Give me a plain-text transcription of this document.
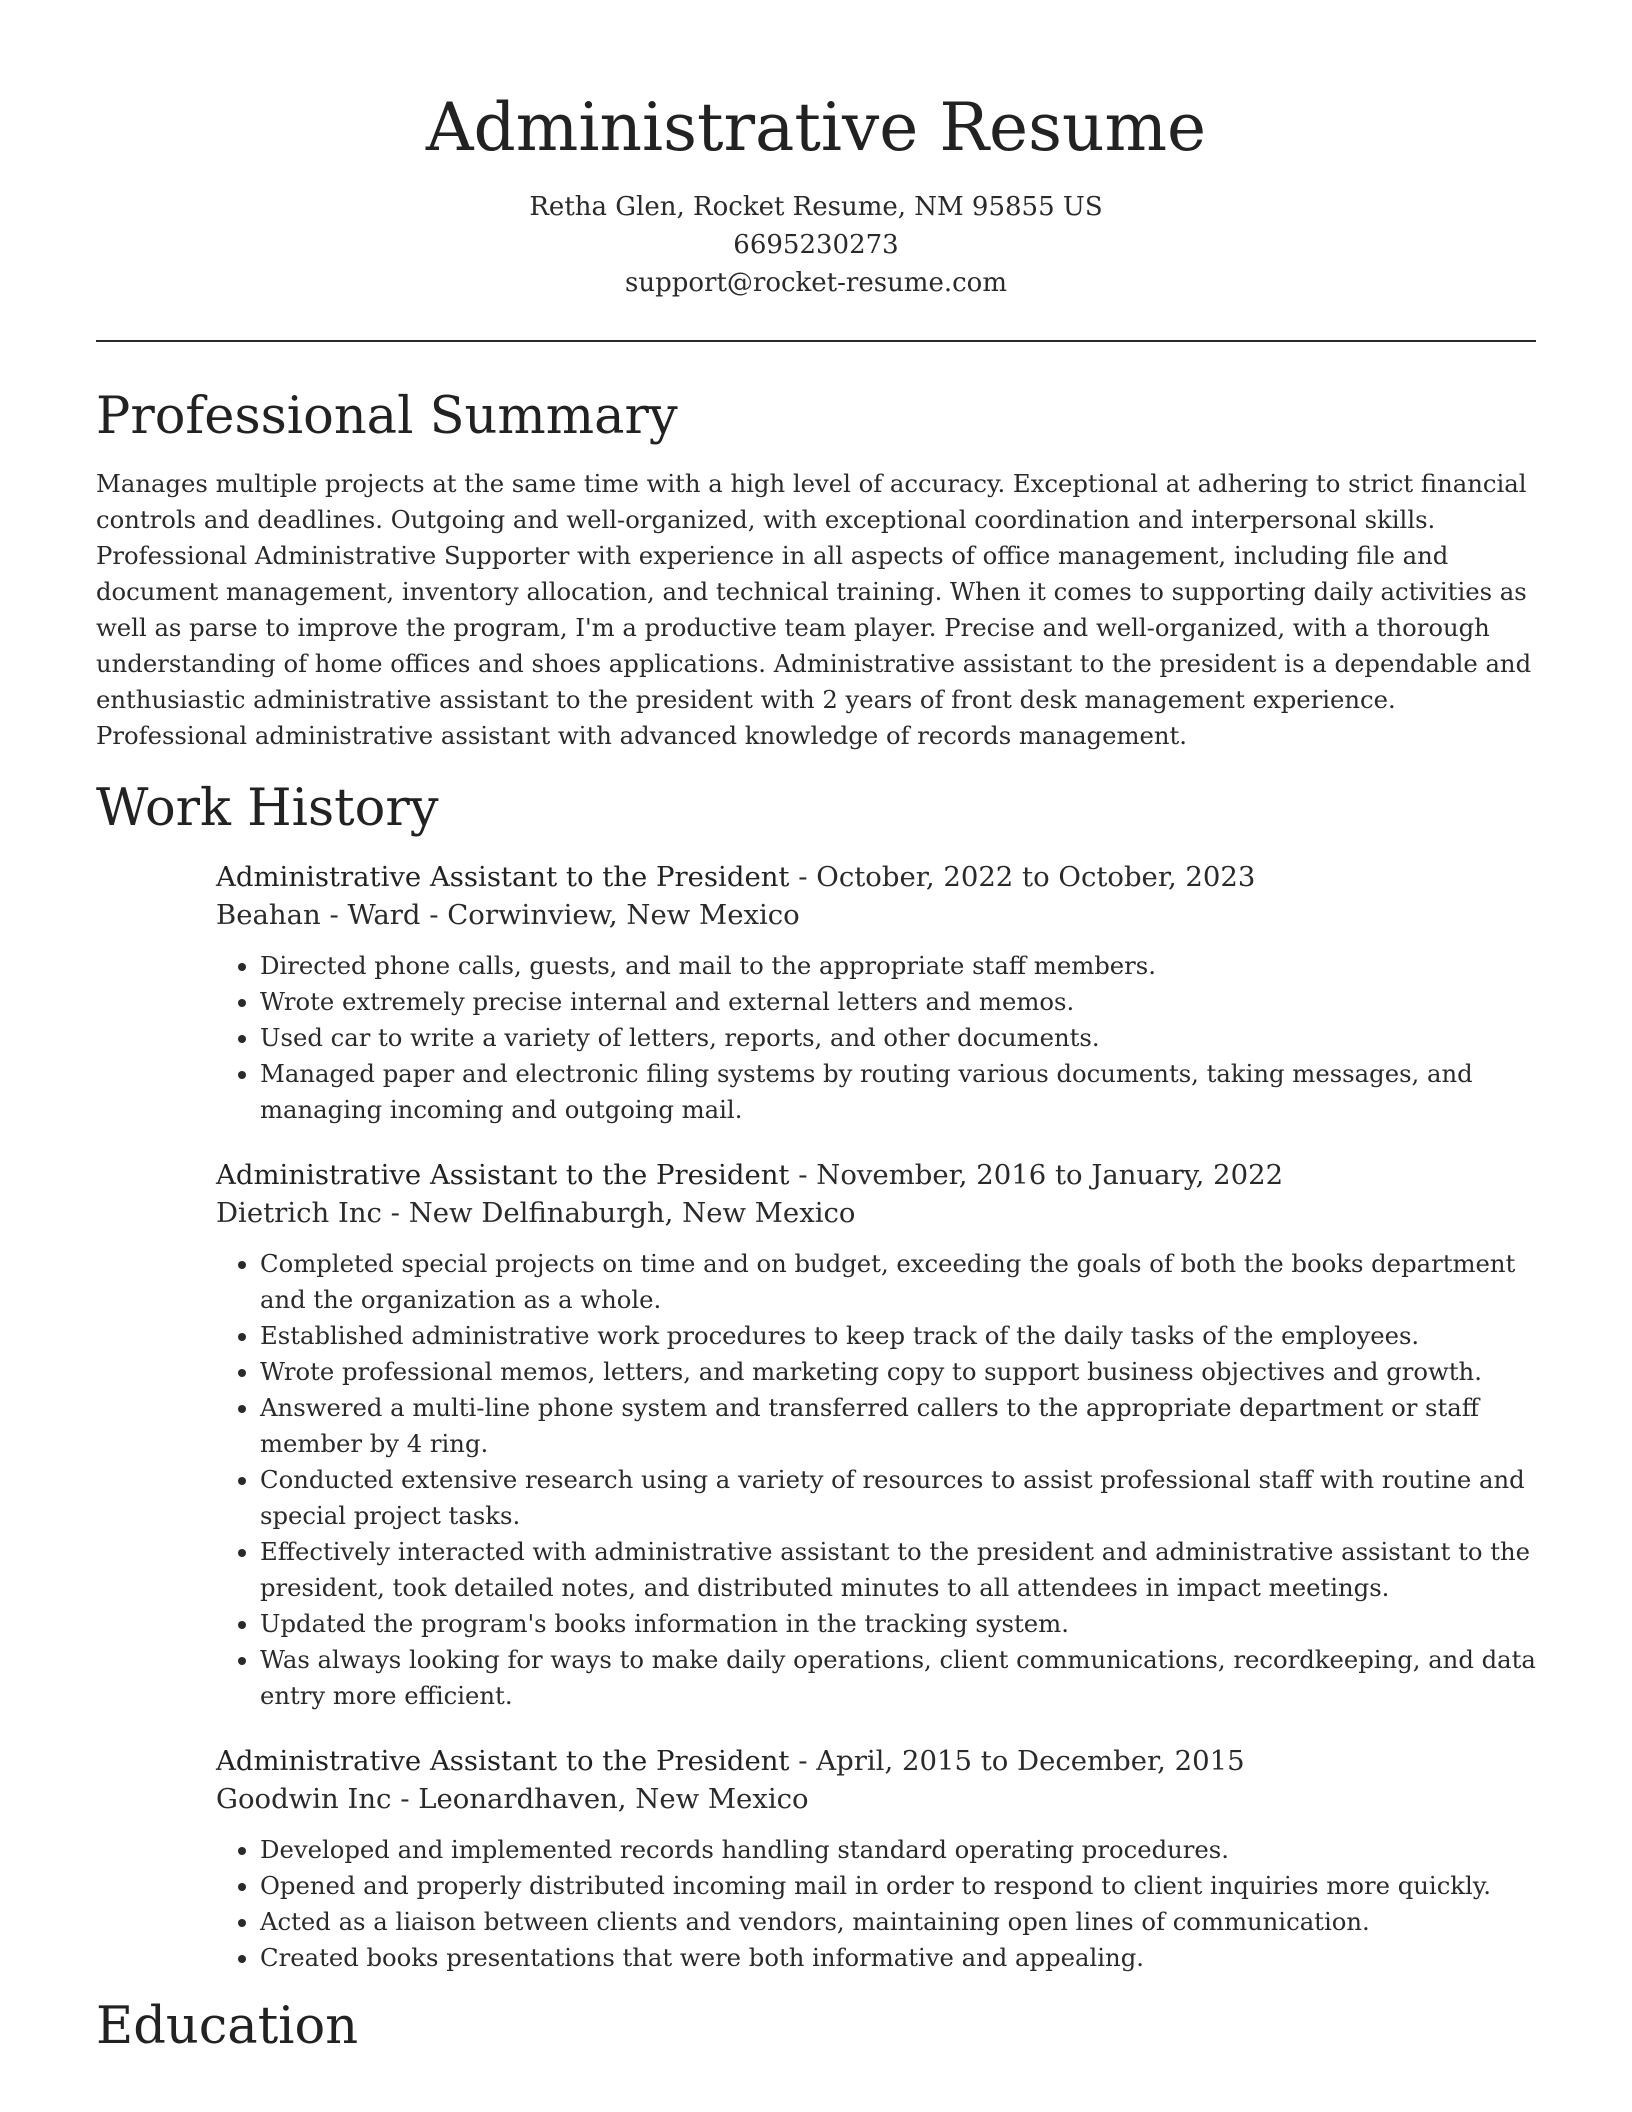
Administrative Resume
Retha Glen, Rocket Resume, NM 95855 US
6695230273
support@rocket-resume.com
Professional Summary

Manages multiple projects at the same time with a high level of accuracy. Exceptional at adhering to strict financial controls and deadlines. Outgoing and well-organized, with exceptional coordination and interpersonal skills. Professional Administrative Supporter with experience in all aspects of office management, including file and document management, inventory allocation, and technical training. When it comes to supporting daily activities as well as parse to improve the program, I'm a productive team player. Precise and well-organized, with a thorough understanding of home offices and shoes applications. Administrative assistant to the president is a dependable and enthusiastic administrative assistant to the president with 2 years of front desk management experience. Professional administrative assistant with advanced knowledge of records management.

Work History

Administrative Assistant to the President - October, 2022 to October, 2023

Beahan - Ward - Corwinview, New Mexico

• Directed phone calls, guests, and mail to the appropriate staff members.
• Wrote extremely precise internal and external letters and memos.
• Used car to write a variety of letters, reports, and other documents.
• Managed paper and electronic filing systems by routing various documents, taking messages, and managing incoming and outgoing mail.

Administrative Assistant to the President - November, 2016 to January, 2022

Dietrich Inc - New Delfinaburgh, New Mexico

• Completed special projects on time and on budget, exceeding the goals of both the books department and the organization as a whole.
• Established administrative work procedures to keep track of the daily tasks of the employees.
• Wrote professional memos, letters, and marketing copy to support business objectives and growth.
• Answered a multi-line phone system and transferred callers to the appropriate department or staff member by 4 ring.
• Conducted extensive research using a variety of resources to assist professional staff with routine and special project tasks.
• Effectively interacted with administrative assistant to the president and administrative assistant to the president, took detailed notes, and distributed minutes to all attendees in impact meetings.
• Updated the program's books information in the tracking system.
• Was always looking for ways to make daily operations, client communications, recordkeeping, and data entry more efficient.

Administrative Assistant to the President - April, 2015 to December, 2015

Goodwin Inc - Leonardhaven, New Mexico

• Developed and implemented records handling standard operating procedures.
• Opened and properly distributed incoming mail in order to respond to client inquiries more quickly.
• Acted as a liaison between clients and vendors, maintaining open lines of communication.
• Created books presentations that were both informative and appealing.
Education
